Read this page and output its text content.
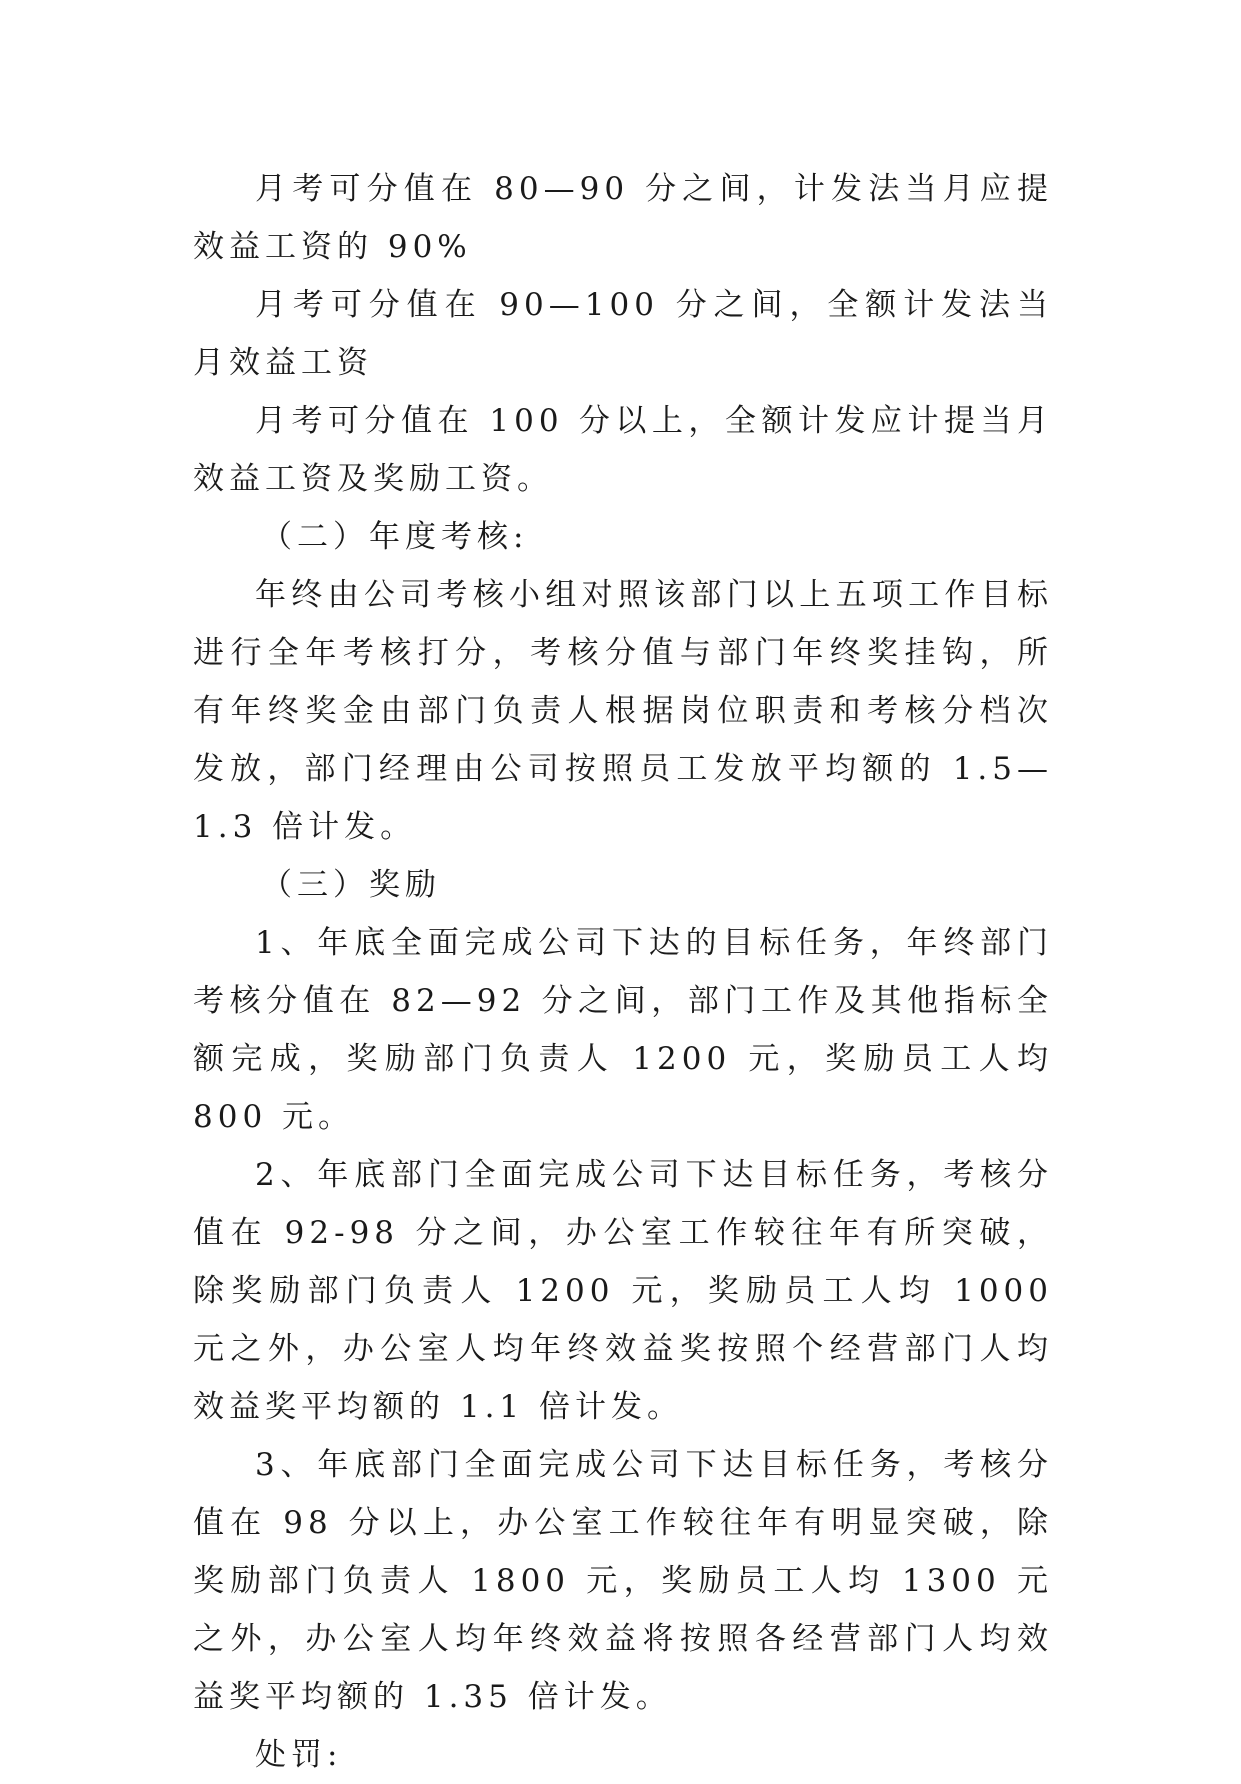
月考可分值在 80—90 分之间，计发法当月应提效益工资的 90%

月考可分值在 90—100 分之间，全额计发法当月效益工资

月考可分值在 100 分以上，全额计发应计提当月效益工资及奖励工资。

（二）年度考核:

年终由公司考核小组对照该部门以上五项工作目标进行全年考核打分，考核分值与部门年终奖挂钩，所有年终奖金由部门负责人根据岗位职责和考核分档次发放，部门经理由公司按照员工发放平均额的 1.5—1.3 倍计发。

（三）奖励

1、年底全面完成公司下达的目标任务，年终部门考核分值在 82—92 分之间，部门工作及其他指标全额完成，奖励部门负责人 1200 元，奖励员工人均 800 元。

2、年底部门全面完成公司下达目标任务，考核分值在 92-98 分之间，办公室工作较往年有所突破，除奖励部门负责人 1200 元，奖励员工人均 1000 元之外，办公室人均年终效益奖按照个经营部门人均效益奖平均额的 1.1 倍计发。

3、年底部门全面完成公司下达目标任务，考核分值在 98 分以上，办公室工作较往年有明显突破，除奖励部门负责人 1800 元，奖励员工人均 1300 元之外，办公室人均年终效益将按照各经营部门人均效益奖平均额的 1.35 倍计发。

处罚:
